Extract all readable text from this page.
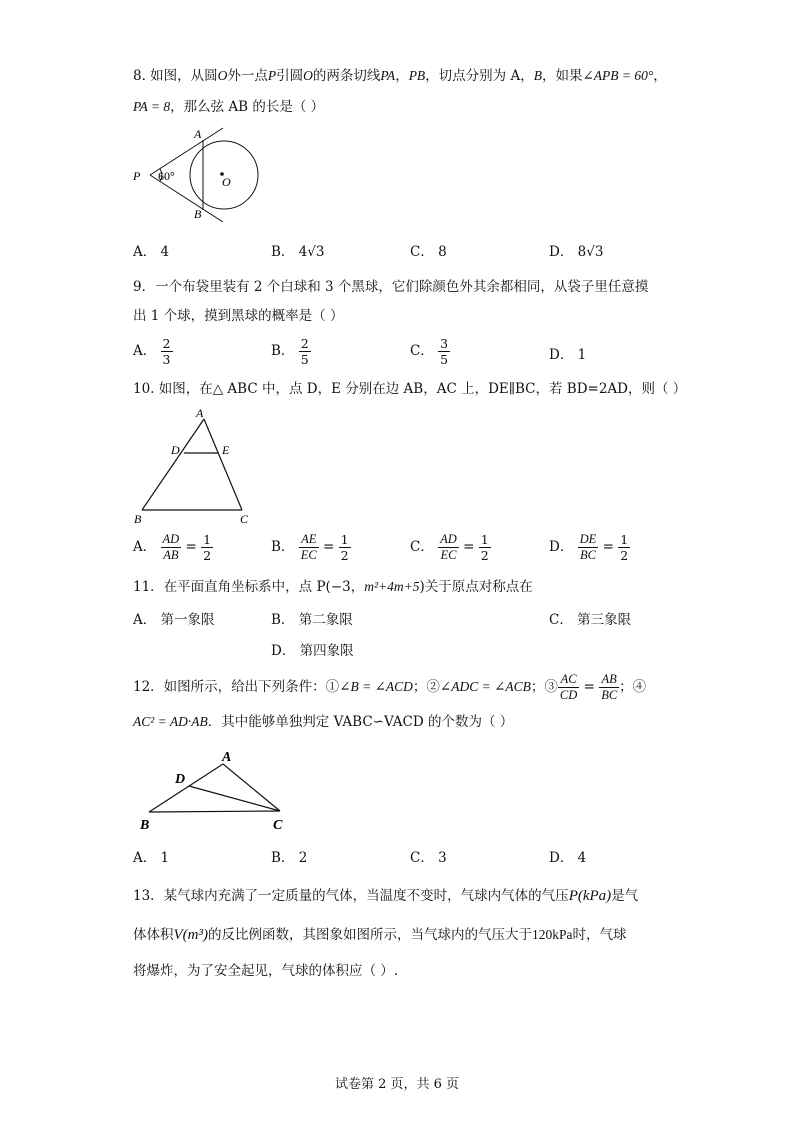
8. 如图，从圆O外一点P引圆O的两条切线PA，PB，切点分别为 A，B，如果∠APB = 60°，
PA = 8，那么弦 AB 的长是（ ）
A
B
P	O
60°
A． 4	B． 4√3	C． 8	D． 8√3
9．一个布袋里装有 2 个白球和 3 个黑球，它们除颜色外其余都相同，从袋子里任意摸
出 1 个球，摸到黑球的概率是（ ）
A． $\frac{2}{3}$	B． $\frac{2}{5}$	C． $\frac{3}{5}$	D． 1
10. 如图，在△ ABC 中，点 D，E 分别在边 AB，AC 上，DE∥BC，若 BD=2AD，则（ ）
A
D	E
B	C
A． $\frac{AD}{AB} = \frac{1}{2}$	B． $\frac{AE}{EC} = \frac{1}{2}$	C． $\frac{AD}{EC} = \frac{1}{2}$	D． $\frac{DE}{BC} = \frac{1}{2}$
11．在平面直角坐标系中，点 P(−3，m²+4m+5)关于原点对称点在
A． 第一象限	B． 第二象限	C． 第三象限
D． 第四象限
12．如图所示，给出下列条件：①∠B = ∠ACD；②∠ADC = ∠ACB；③ $\frac{AC}{CD} = \frac{AB}{BC}$ ；④
AC² = AD·AB．其中能够单独判定 VABC∽VACD 的个数为（ ）
A
D
B	C
A． 1	B． 2	C． 3	D． 4
13．某气球内充满了一定质量的气体，当温度不变时，气球内气体的气压P(kPa)是气
体体积V(m³)的反比例函数，其图象如图所示，当气球内的气压大于120kPa时，气球
将爆炸，为了安全起见，气球的体积应（ ）.
试卷第 2 页，共 6 页
